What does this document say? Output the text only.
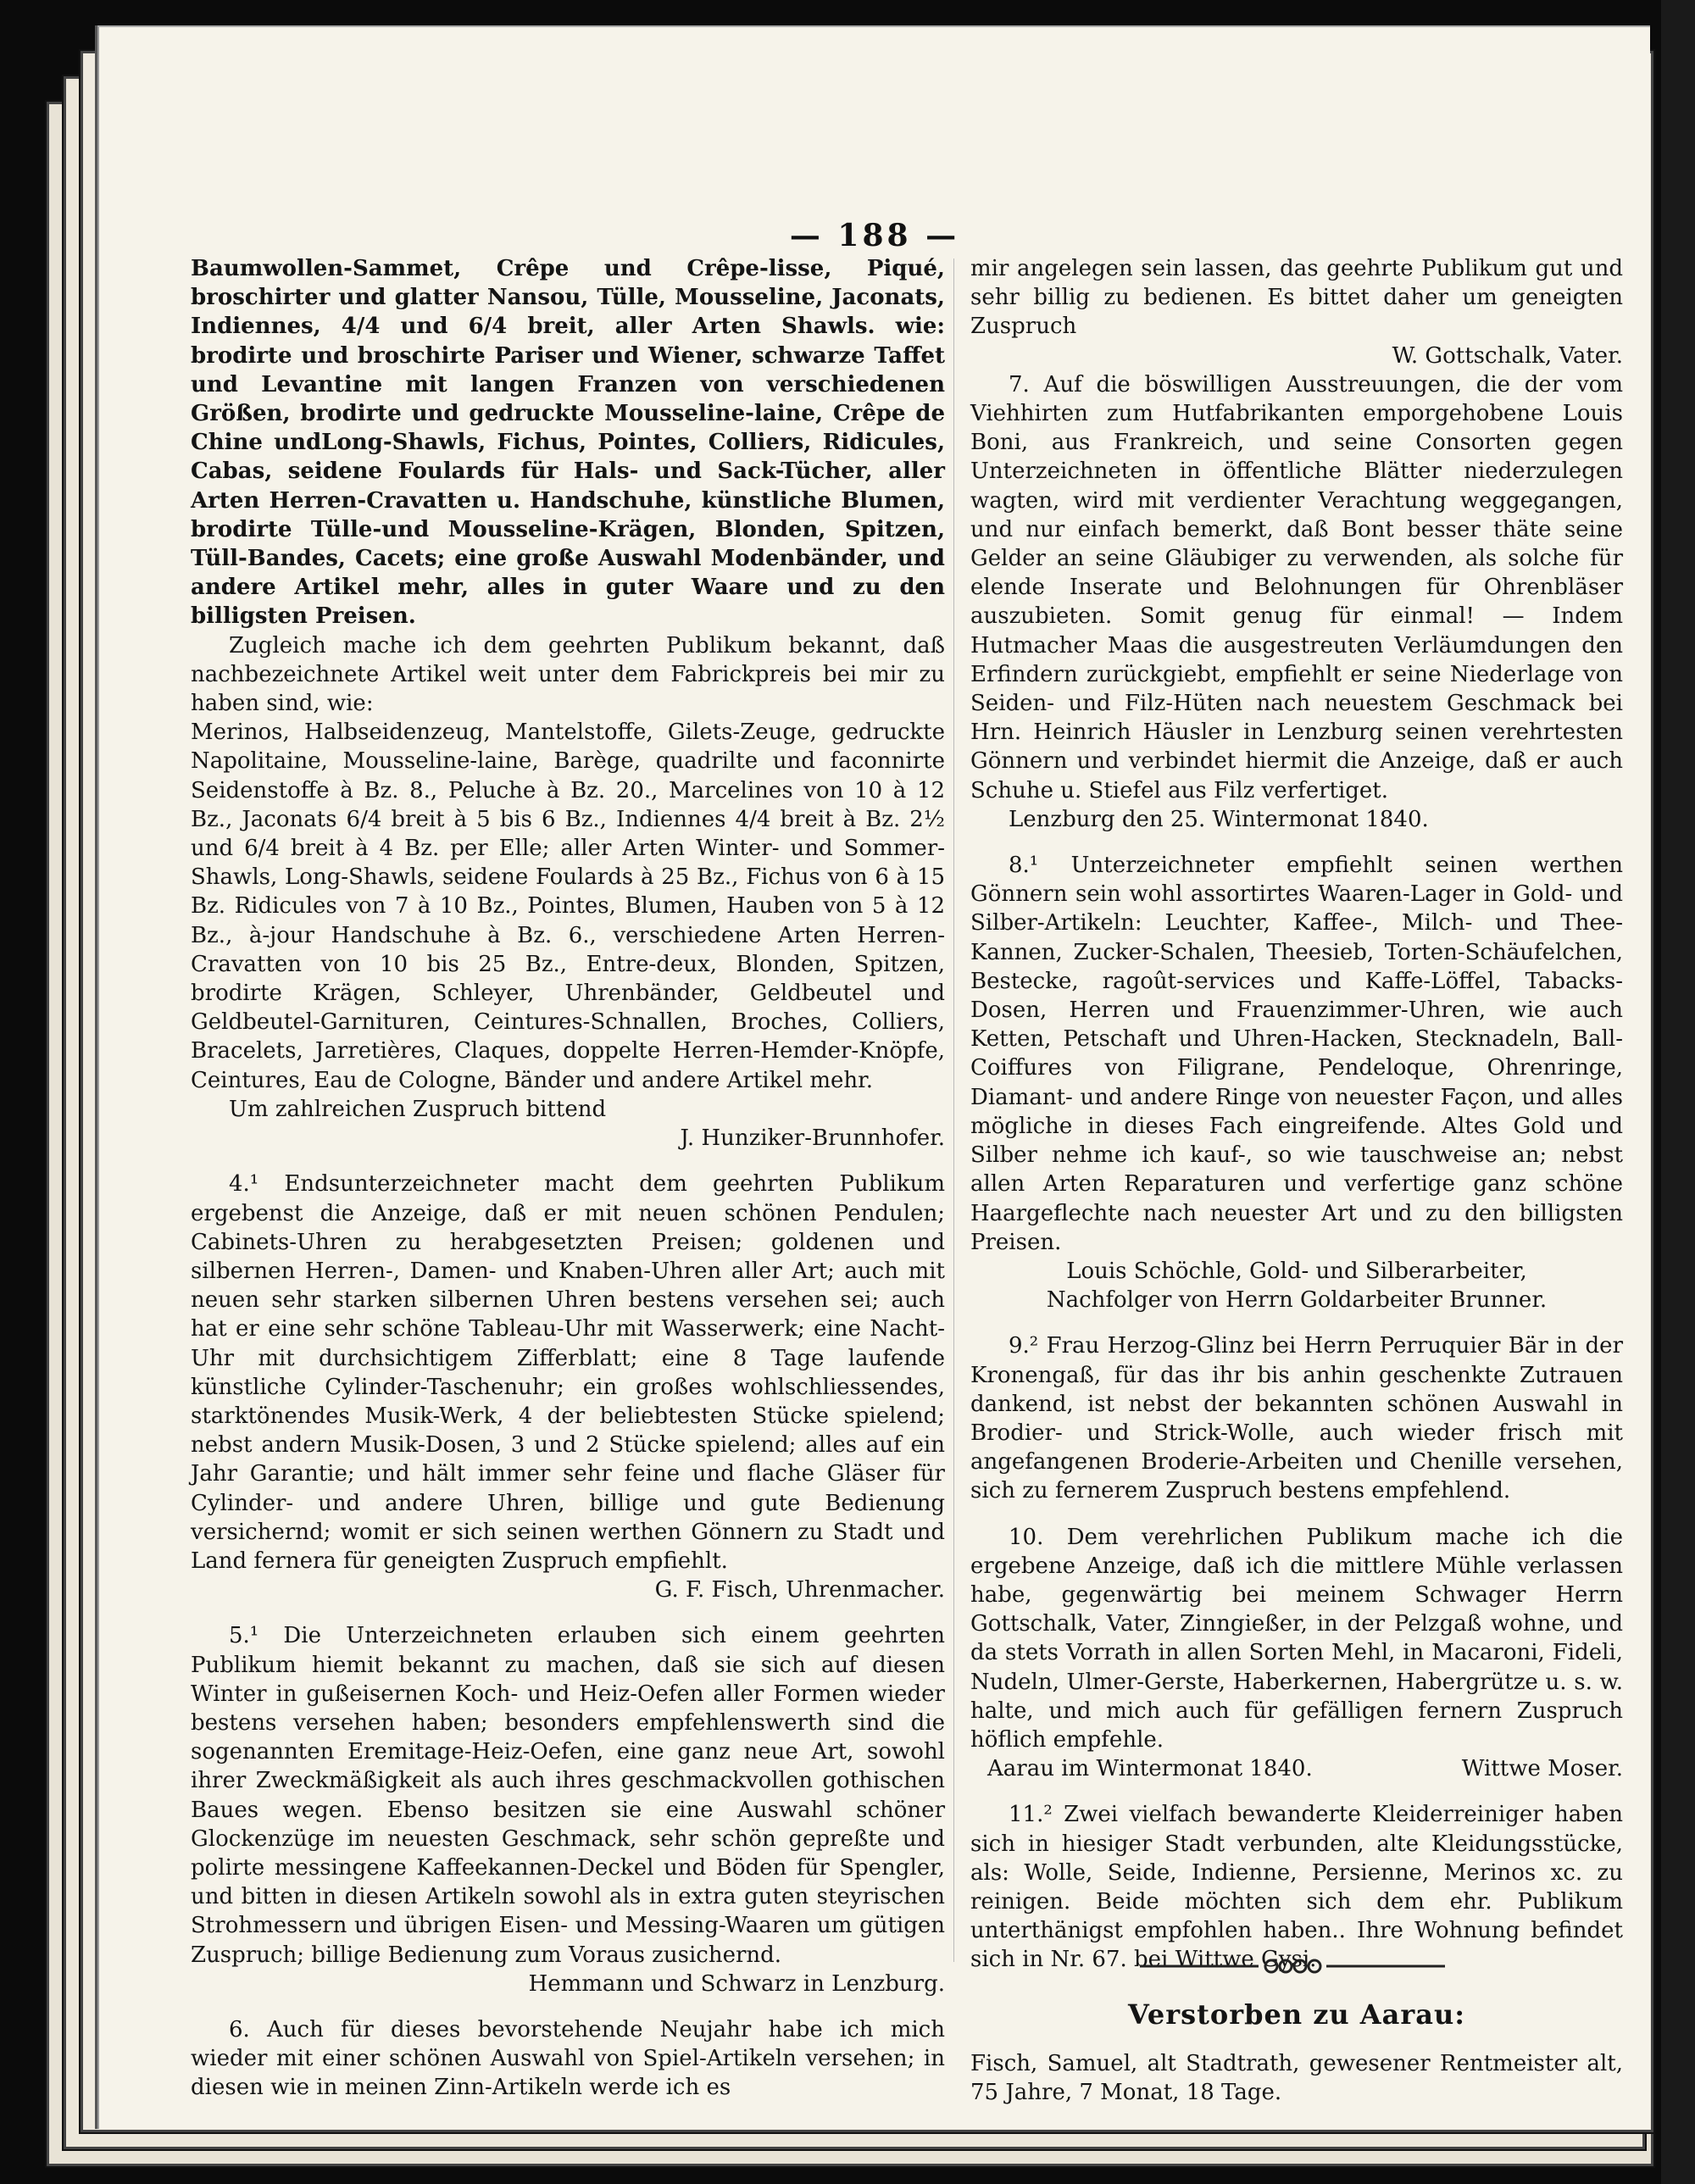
— 188 —

Baumwollen-Sammet, Crêpe und Crêpe-lisse, Piqué, broschirter und glatter Nansou, Tülle, Mousseline, Jaconats, Indiennes, 4/4 und 6/4 breit, aller Arten Shawls. wie: brodirte und broschirte Pariser und Wiener, schwarze Taffet und Levantine mit langen Franzen von verschiedenen Größen, brodirte und gedruckte Mousseline-laine, Crêpe de Chine undLong-Shawls, Fichus, Pointes, Colliers, Ridicules, Cabas, seidene Foulards für Hals- und Sack-Tücher, aller Arten Herren-Cravatten u. Handschuhe, künstliche Blumen, brodirte Tülle-und Mousseline-Krägen, Blonden, Spitzen, Tüll-Bandes, Cacets; eine große Auswahl Modenbänder, und andere Artikel mehr, alles in guter Waare und zu den billigsten Preisen.

Zugleich mache ich dem geehrten Publikum bekannt, daß nachbezeichnete Artikel weit unter dem Fabrickpreis bei mir zu haben sind, wie:

Merinos, Halbseidenzeug, Mantelstoffe, Gilets-Zeuge, gedruckte Napolitaine, Mousseline-laine, Barège, quadrilte und faconnirte Seidenstoffe à Bz. 8., Peluche à Bz. 20., Marcelines von 10 à 12 Bz., Jaconats 6/4 breit à 5 bis 6 Bz., Indiennes 4/4 breit à Bz. 2½ und 6/4 breit à 4 Bz. per Elle; aller Arten Winter- und Sommer-Shawls, Long-Shawls, seidene Foulards à 25 Bz., Fichus von 6 à 15 Bz. Ridicules von 7 à 10 Bz., Pointes, Blumen, Hauben von 5 à 12 Bz., à-jour Handschuhe à Bz. 6., verschiedene Arten Herren-Cravatten von 10 bis 25 Bz., Entre-deux, Blonden, Spitzen, brodirte Krägen, Schleyer, Uhrenbänder, Geldbeutel und Geldbeutel-Garnituren, Ceintures-Schnallen, Broches, Colliers, Bracelets, Jarretières, Claques, doppelte Herren-Hemder-Knöpfe, Ceintures, Eau de Cologne, Bänder und andere Artikel mehr.

Um zahlreichen Zuspruch bittend

J. Hunziker-Brunnhofer.

4.¹ Endsunterzeichneter macht dem geehrten Publikum ergebenst die Anzeige, daß er mit neuen schönen Pendulen; Cabinets-Uhren zu herabgesetzten Preisen; goldenen und silbernen Herren-, Damen- und Knaben-Uhren aller Art; auch mit neuen sehr starken silbernen Uhren bestens versehen sei; auch hat er eine sehr schöne Tableau-Uhr mit Wasserwerk; eine Nacht-Uhr mit durchsichtigem Zifferblatt; eine 8 Tage laufende künstliche Cylinder-Taschenuhr; ein großes wohlschliessendes, starktönendes Musik-Werk, 4 der beliebtesten Stücke spielend; nebst andern Musik-Dosen, 3 und 2 Stücke spielend; alles auf ein Jahr Garantie; und hält immer sehr feine und flache Gläser für Cylinder- und andere Uhren, billige und gute Bedienung versichernd; womit er sich seinen werthen Gönnern zu Stadt und Land fernera für geneigten Zuspruch empfiehlt.

G. F. Fisch, Uhrenmacher.

5.¹ Die Unterzeichneten erlauben sich einem geehrten Publikum hiemit bekannt zu machen, daß sie sich auf diesen Winter in gußeisernen Koch- und Heiz-Oefen aller Formen wieder bestens versehen haben; besonders empfehlenswerth sind die sogenannten Eremitage-Heiz-Oefen, eine ganz neue Art, sowohl ihrer Zweckmäßigkeit als auch ihres geschmackvollen gothischen Baues wegen. Ebenso besitzen sie eine Auswahl schöner Glockenzüge im neuesten Geschmack, sehr schön gepreßte und polirte messingene Kaffeekannen-Deckel und Böden für Spengler, und bitten in diesen Artikeln sowohl als in extra guten steyrischen Strohmessern und übrigen Eisen- und Messing-Waaren um gütigen Zuspruch; billige Bedienung zum Voraus zusichernd.

Hemmann und Schwarz in Lenzburg.

6. Auch für dieses bevorstehende Neujahr habe ich mich wieder mit einer schönen Auswahl von Spiel-Artikeln versehen; in diesen wie in meinen Zinn-Artikeln werde ich es

mir angelegen sein lassen, das geehrte Publikum gut und sehr billig zu bedienen. Es bittet daher um geneigten Zuspruch

W. Gottschalk, Vater.

7. Auf die böswilligen Ausstreuungen, die der vom Viehhirten zum Hutfabrikanten emporgehobene Louis Boni, aus Frankreich, und seine Consorten gegen Unterzeichneten in öffentliche Blätter niederzulegen wagten, wird mit verdienter Verachtung weggegangen, und nur einfach bemerkt, daß Bont besser thäte seine Gelder an seine Gläubiger zu verwenden, als solche für elende Inserate und Belohnungen für Ohrenbläser auszubieten. Somit genug für einmal! — Indem Hutmacher Maas die ausgestreuten Verläumdungen den Erfindern zurückgiebt, empfiehlt er seine Niederlage von Seiden- und Filz-Hüten nach neuestem Geschmack bei Hrn. Heinrich Häusler in Lenzburg seinen verehrtesten Gönnern und verbindet hiermit die Anzeige, daß er auch Schuhe u. Stiefel aus Filz verfertiget.

Lenzburg den 25. Wintermonat 1840.

8.¹ Unterzeichneter empfiehlt seinen werthen Gönnern sein wohl assortirtes Waaren-Lager in Gold- und Silber-Artikeln: Leuchter, Kaffee-, Milch- und Thee-Kannen, Zucker-Schalen, Theesieb, Torten-Schäufelchen, Bestecke, ragoût-services und Kaffe-Löffel, Tabacks-Dosen, Herren und Frauenzimmer-Uhren, wie auch Ketten, Petschaft und Uhren-Hacken, Stecknadeln, Ball-Coiffures von Filigrane, Pendeloque, Ohrenringe, Diamant- und andere Ringe von neuester Façon, und alles mögliche in dieses Fach eingreifende. Altes Gold und Silber nehme ich kauf-, so wie tauschweise an; nebst allen Arten Reparaturen und verfertige ganz schöne Haargeflechte nach neuester Art und zu den billigsten Preisen.

Louis Schöchle, Gold- und Silberarbeiter,

Nachfolger von Herrn Goldarbeiter Brunner.

9.² Frau Herzog-Glinz bei Herrn Perruquier Bär in der Kronengaß, für das ihr bis anhin geschenkte Zutrauen dankend, ist nebst der bekannten schönen Auswahl in Brodier- und Strick-Wolle, auch wieder frisch mit angefangenen Broderie-Arbeiten und Chenille versehen, sich zu fernerem Zuspruch bestens empfehlend.

10. Dem verehrlichen Publikum mache ich die ergebene Anzeige, daß ich die mittlere Mühle verlassen habe, gegenwärtig bei meinem Schwager Herrn Gottschalk, Vater, Zinngießer, in der Pelzgaß wohne, und da stets Vorrath in allen Sorten Mehl, in Macaroni, Fideli, Nudeln, Ulmer-Gerste, Haberkernen, Habergrütze u. s. w. halte, und mich auch für gefälligen fernern Zuspruch höflich empfehle.

Aarau im Wintermonat 1840.	Wittwe Moser.

11.² Zwei vielfach bewanderte Kleiderreiniger haben sich in hiesiger Stadt verbunden, alte Kleidungsstücke, als: Wolle, Seide, Indienne, Persienne, Merinos xc. zu reinigen. Beide möchten sich dem ehr. Publikum unterthänigst empfohlen haben.. Ihre Wohnung befindet sich in Nr. 67. bei Wittwe Gysi.

Verstorben zu Aarau:

Fisch, Samuel, alt Stadtrath, gewesener Rentmeister alt, 75 Jahre, 7 Monat, 18 Tage.
